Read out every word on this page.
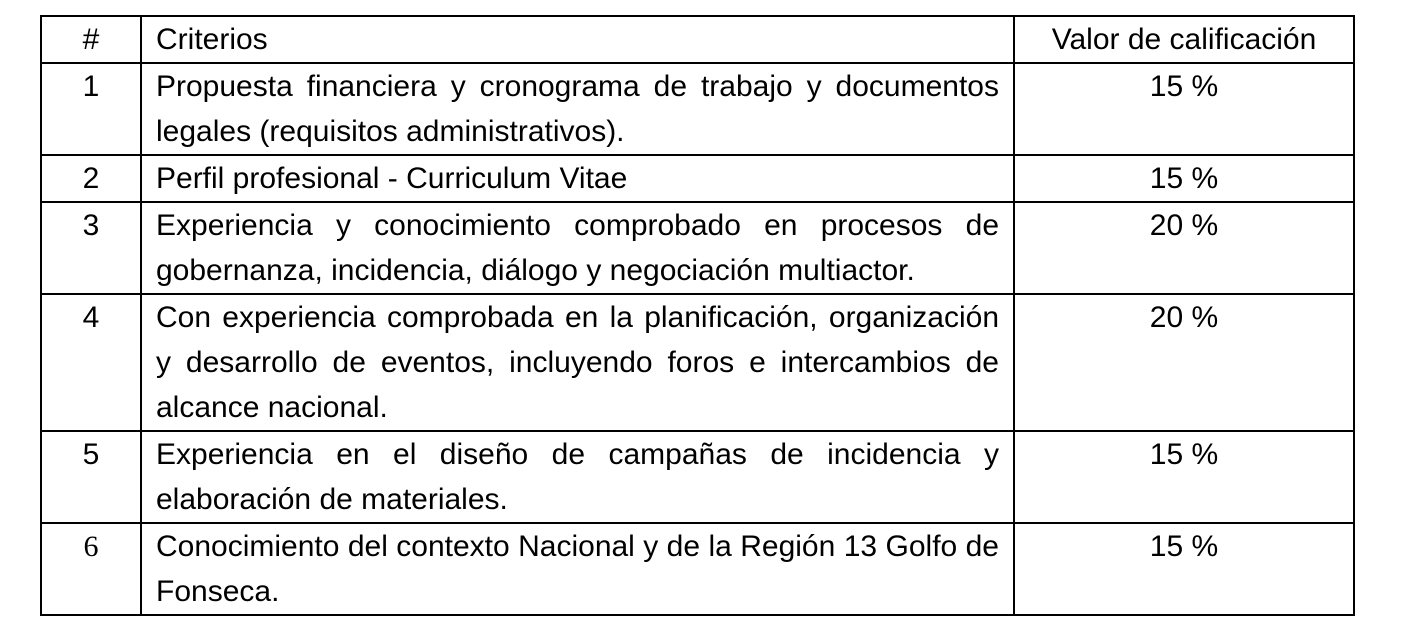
#	Criterios	Valor de calificación
1	Propuesta financiera y cronograma de trabajo y documentos legales (requisitos administrativos).	15 %
2	Perfil profesional - Curriculum Vitae	15 %
3	Experiencia y conocimiento comprobado en procesos de gobernanza, incidencia, diálogo y negociación multiactor.	20 %
4	Con experiencia comprobada en la planificación, organización y desarrollo de eventos, incluyendo foros e intercambios de alcance nacional.	20 %
5	Experiencia en el diseño de campañas de incidencia y elaboración de materiales.	15 %
6	Conocimiento del contexto Nacional y de la Región 13 Golfo de Fonseca.	15 %
